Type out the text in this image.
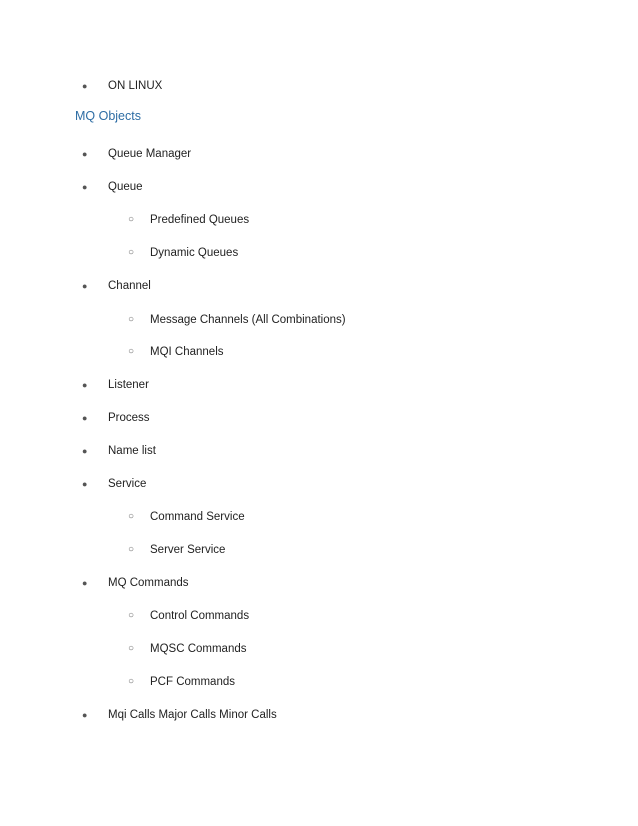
● ON LINUX
MQ Objects
● Queue Manager
● Queue
○ Predefined Queues
○ Dynamic Queues
● Channel
○ Message Channels (All Combinations)
○ MQI Channels
● Listener
● Process
● Name list
● Service
○ Command Service
○ Server Service
● MQ Commands
○ Control Commands
○ MQSC Commands
○ PCF Commands
● Mqi Calls Major Calls Minor Calls
